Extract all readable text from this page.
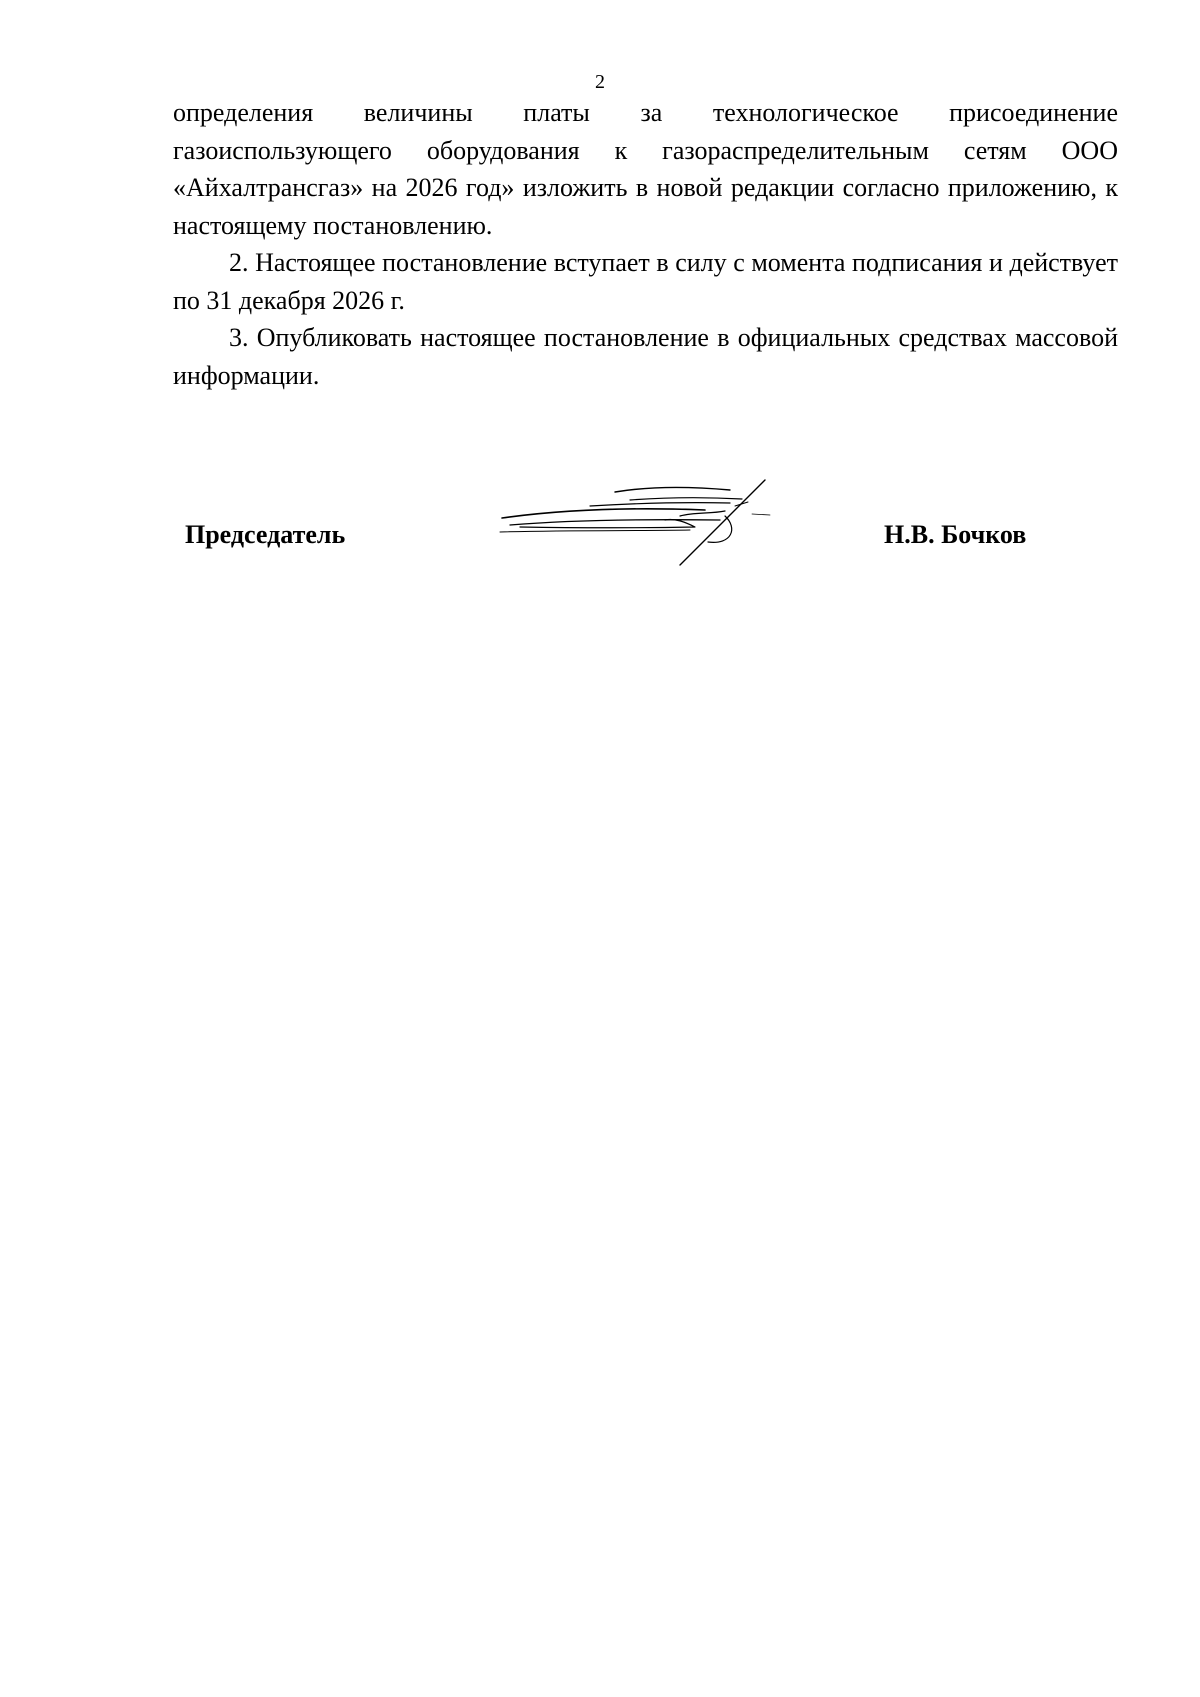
2

определения величины платы за технологическое присоединение газоиспользующего оборудования к газораспределительным сетям ООО «Айхалтрансгаз» на 2026 год» изложить в новой редакции согласно приложению, к настоящему постановлению.

2. Настоящее постановление вступает в силу с момента подписания и действует по 31 декабря 2026 г.

3. Опубликовать настоящее постановление в официальных средствах массовой информации.

Председатель	Н.В. Бочков
